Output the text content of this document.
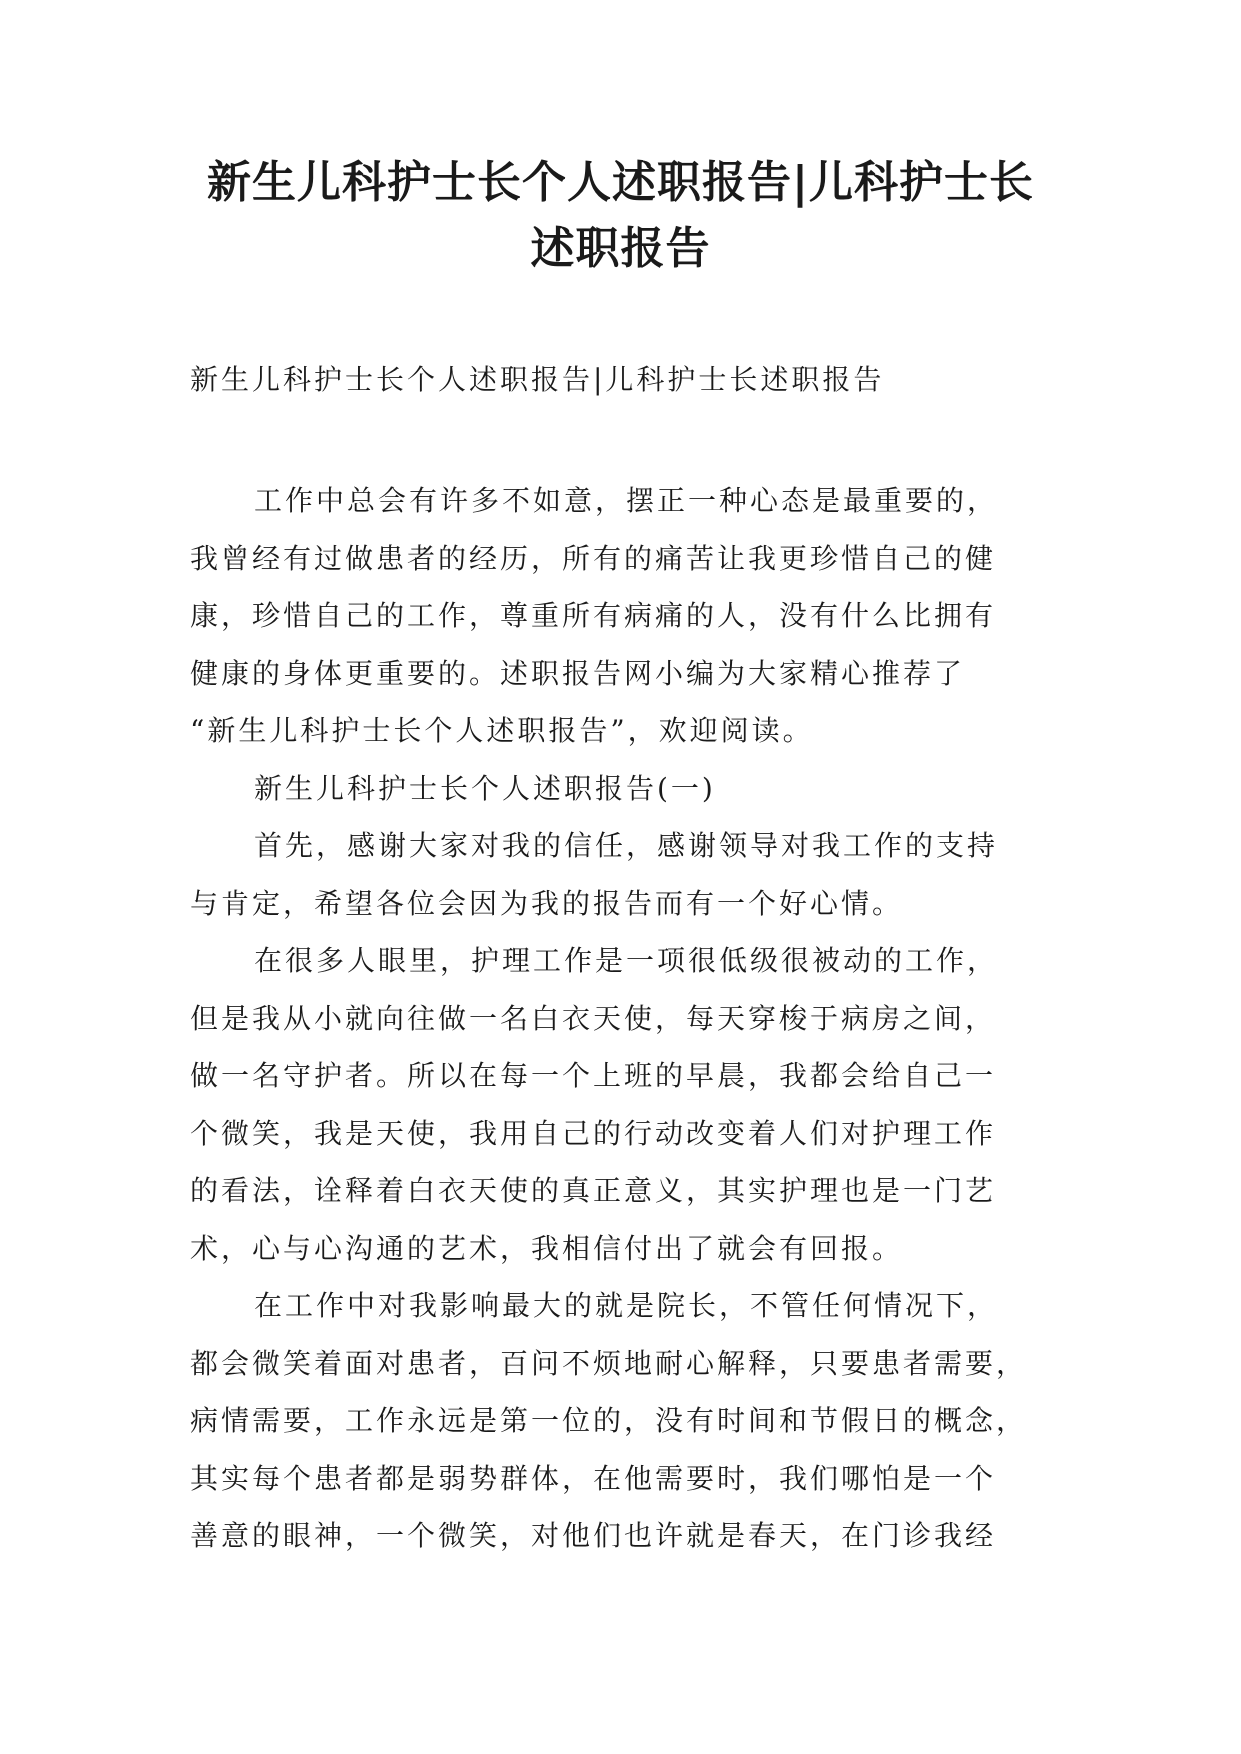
新生儿科护士长个人述职报告|儿科护士长
述职报告

新生儿科护士长个人述职报告|儿科护士长述职报告

工作中总会有许多不如意，摆正一种心态是最重要的，
我曾经有过做患者的经历，所有的痛苦让我更珍惜自己的健
康，珍惜自己的工作，尊重所有病痛的人，没有什么比拥有
健康的身体更重要的。述职报告网小编为大家精心推荐了
“新生儿科护士长个人述职报告”，欢迎阅读。
新生儿科护士长个人述职报告(一)
首先，感谢大家对我的信任，感谢领导对我工作的支持
与肯定，希望各位会因为我的报告而有一个好心情。
在很多人眼里，护理工作是一项很低级很被动的工作，
但是我从小就向往做一名白衣天使，每天穿梭于病房之间，
做一名守护者。所以在每一个上班的早晨，我都会给自己一
个微笑，我是天使，我用自己的行动改变着人们对护理工作
的看法，诠释着白衣天使的真正意义，其实护理也是一门艺
术，心与心沟通的艺术，我相信付出了就会有回报。
在工作中对我影响最大的就是院长，不管任何情况下，
都会微笑着面对患者，百问不烦地耐心解释，只要患者需要，
病情需要，工作永远是第一位的，没有时间和节假日的概念，
其实每个患者都是弱势群体，在他需要时，我们哪怕是一个
善意的眼神，一个微笑，对他们也许就是春天，在门诊我经
